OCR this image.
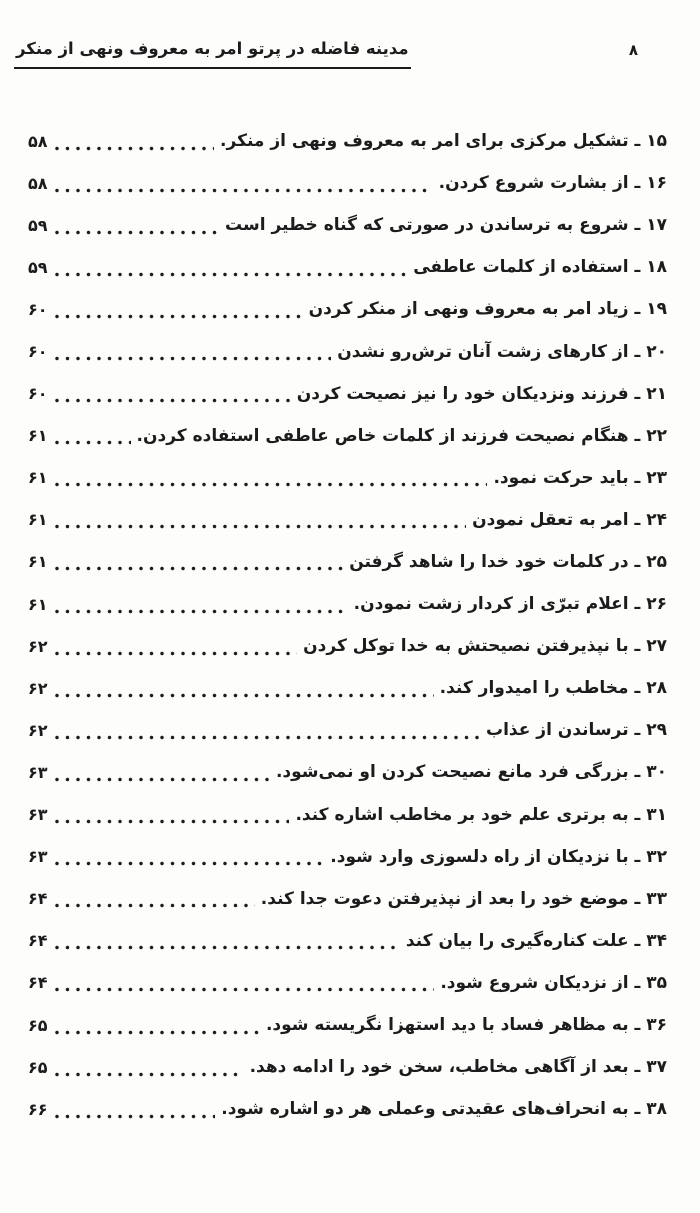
مدینه فاضله در پرتو امر به معروف ونهی از منکر	۸
۱۵ ـ تشکیل مرکزی برای امر به معروف ونهی از منکر.
۵۸
۱۶ ـ از بشارت شروع کردن.
۵۸
۱۷ ـ شروع به ترساندن در صورتی که گناه خطیر است
۵۹
۱۸ ـ استفاده از کلمات عاطفی
۵۹
۱۹ ـ زیاد امر به معروف ونهی از منکر کردن
۶۰
۲۰ ـ از کارهای زشت آنان ترش‌رو نشدن
۶۰
۲۱ ـ فرزند ونزدیکان خود را نیز نصیحت کردن
۶۰
۲۲ ـ هنگام نصیحت فرزند از کلمات خاص عاطفی استفاده کردن.
۶۱
۲۳ ـ باید حرکت نمود.
۶۱
۲۴ ـ امر به تعقل نمودن
۶۱
۲۵ ـ در کلمات خود خدا را شاهد گرفتن
۶۱
۲۶ ـ اعلام تبرّی از کردار زشت نمودن.
۶۱
۲۷ ـ با نپذیرفتن نصیحتش به خدا توکل کردن
۶۲
۲۸ ـ مخاطب را امیدوار کند.
۶۲
۲۹ ـ ترساندن از عذاب
۶۲
۳۰ ـ بزرگی فرد مانع نصیحت کردن او نمی‌شود.
۶۳
۳۱ ـ به برتری علم خود بر مخاطب اشاره کند.
۶۳
۳۲ ـ با نزدیکان از راه دلسوزی وارد شود.
۶۳
۳۳ ـ موضع خود را بعد از نپذیرفتن دعوت جدا کند.
۶۴
۳۴ ـ علت کناره‌گیری را بیان کند
۶۴
۳۵ ـ از نزدیکان شروع شود.
۶۴
۳۶ ـ به مظاهر فساد با دید استهزا نگریسته شود.
۶۵
۳۷ ـ بعد از آگاهی مخاطب، سخن خود را ادامه دهد.
۶۵
۳۸ ـ به انحراف‌های عقیدتی وعملی هر دو اشاره شود.
۶۶
